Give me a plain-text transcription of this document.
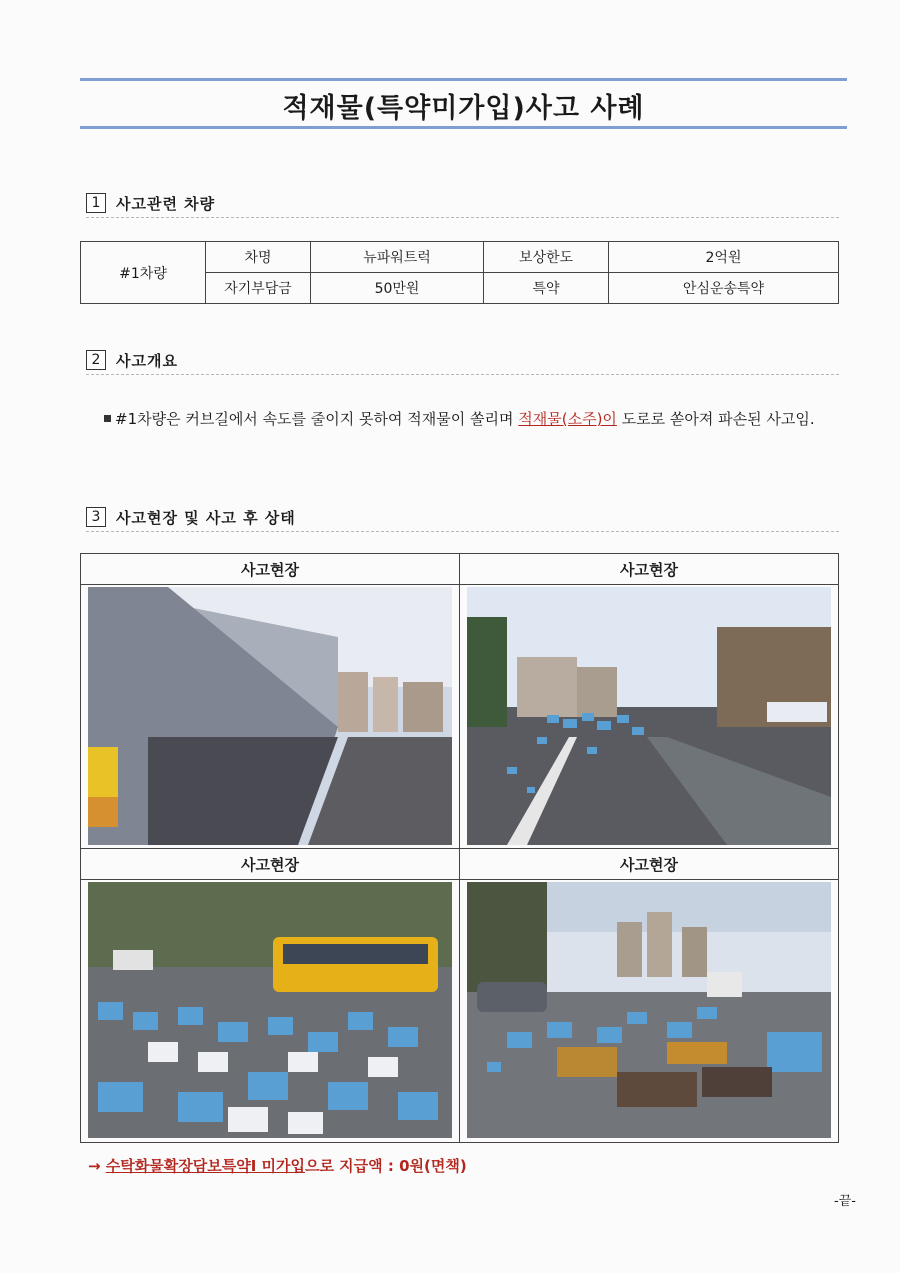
적재물(특약미가입)사고 사례
1	사고관련 차량
#1차량	차명	뉴파워트럭	보상한도	2억원
	자기부담금	50만원	특약	안심운송특약
2	사고개요
#1차량은 커브길에서 속도를 줄이지 못하여 적재물이 쏠리며 적재물(소주)이 도로로 쏟아져 파손된 사고임.
3	사고현장 및 사고 후 상태
사고현장	사고현장
사고현장	사고현장
→ 수탁화물확장담보특약Ⅰ 미가입으로 지급액 : 0원(면책)
-끝-
